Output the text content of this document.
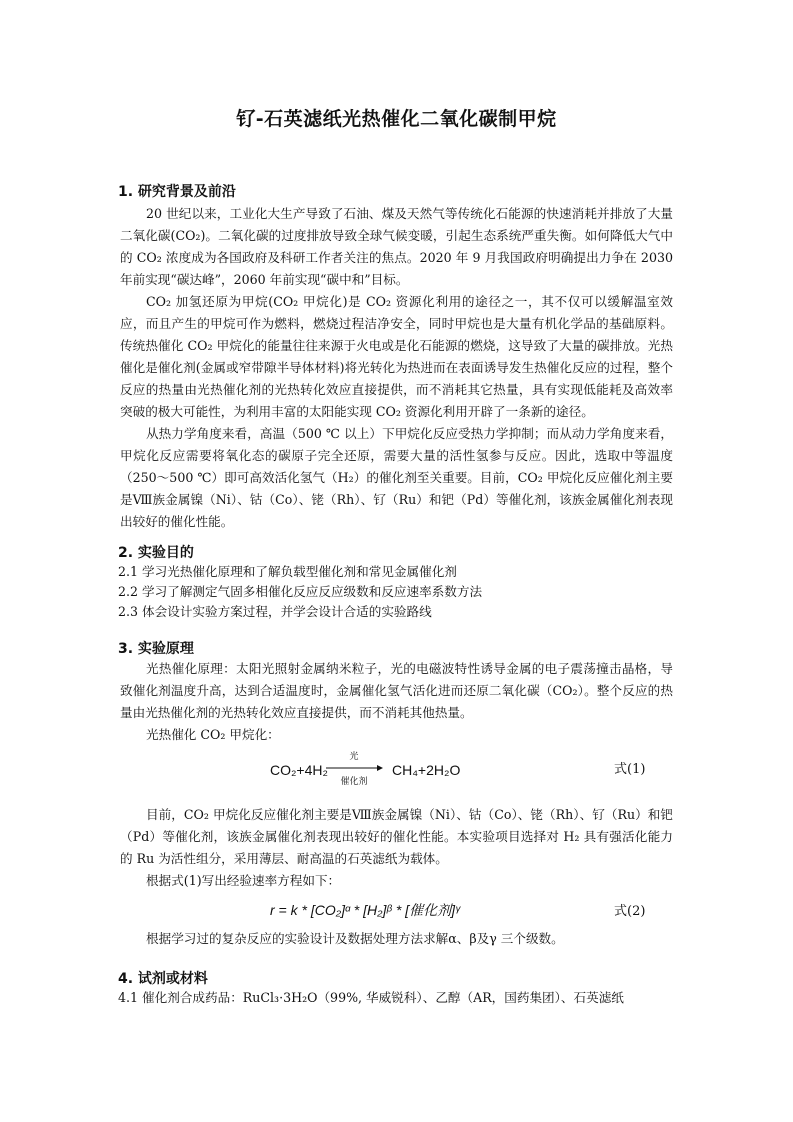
钌-石英滤纸光热催化二氧化碳制甲烷
1. 研究背景及前沿
20 世纪以来，工业化大生产导致了石油、煤及天然气等传统化石能源的快速消耗并排放了大量二氧化碳(CO₂)。二氧化碳的过度排放导致全球气候变暖，引起生态系统严重失衡。如何降低大气中的 CO₂ 浓度成为各国政府及科研工作者关注的焦点。2020 年 9 月我国政府明确提出力争在 2030 年前实现“碳达峰”，2060 年前实现“碳中和”目标。
CO₂ 加氢还原为甲烷(CO₂ 甲烷化)是 CO₂ 资源化利用的途径之一，其不仅可以缓解温室效应，而且产生的甲烷可作为燃料，燃烧过程洁净安全，同时甲烷也是大量有机化学品的基础原料。传统热催化 CO₂ 甲烷化的能量往往来源于火电或是化石能源的燃烧，这导致了大量的碳排放。光热催化是催化剂(金属或窄带隙半导体材料)将光转化为热进而在表面诱导发生热催化反应的过程，整个反应的热量由光热催化剂的光热转化效应直接提供，而不消耗其它热量，具有实现低能耗及高效率突破的极大可能性，为利用丰富的太阳能实现 CO₂ 资源化利用开辟了一条新的途径。
从热力学角度来看，高温（500 ℃ 以上）下甲烷化反应受热力学抑制；而从动力学角度来看，甲烷化反应需要将氧化态的碳原子完全还原，需要大量的活性氢参与反应。因此，选取中等温度（250～500 ℃）即可高效活化氢气（H₂）的催化剂至关重要。目前，CO₂ 甲烷化反应催化剂主要是Ⅷ族金属镍（Ni）、钴（Co）、铑（Rh）、钌（Ru）和钯（Pd）等催化剂，该族金属催化剂表现出较好的催化性能。
2. 实验目的
2.1 学习光热催化原理和了解负载型催化剂和常见金属催化剂
2.2 学习了解测定气固多相催化反应反应级数和反应速率系数方法
2.3 体会设计实验方案过程，并学会设计合适的实验路线
3. 实验原理
光热催化原理：太阳光照射金属纳米粒子，光的电磁波特性诱导金属的电子震荡撞击晶格，导致催化剂温度升高，达到合适温度时，金属催化氢气活化进而还原二氧化碳（CO₂）。整个反应的热量由光热催化剂的光热转化效应直接提供，而不消耗其他热量。
光热催化 CO₂ 甲烷化：
CO₂+4H₂
光
催化剂
CH₄+2H₂O	式(1)
目前，CO₂ 甲烷化反应催化剂主要是Ⅷ族金属镍（Ni）、钴（Co）、铑（Rh）、钌（Ru）和钯（Pd）等催化剂，该族金属催化剂表现出较好的催化性能。本实验项目选择对 H₂ 具有强活化能力的 Ru 为活性组分，采用薄层、耐高温的石英滤纸为载体。
根据式(1)写出经验速率方程如下：
r = k * [CO₂]ᵅ * [H₂]ᵝ * [催化剂]ᵞ	式(2)
根据学习过的复杂反应的实验设计及数据处理方法求解α、β及γ 三个级数。
4. 试剂或材料
4.1 催化剂合成药品：RuCl₃·3H₂O（99%, 华威锐科）、乙醇（AR，国药集团）、石英滤纸
